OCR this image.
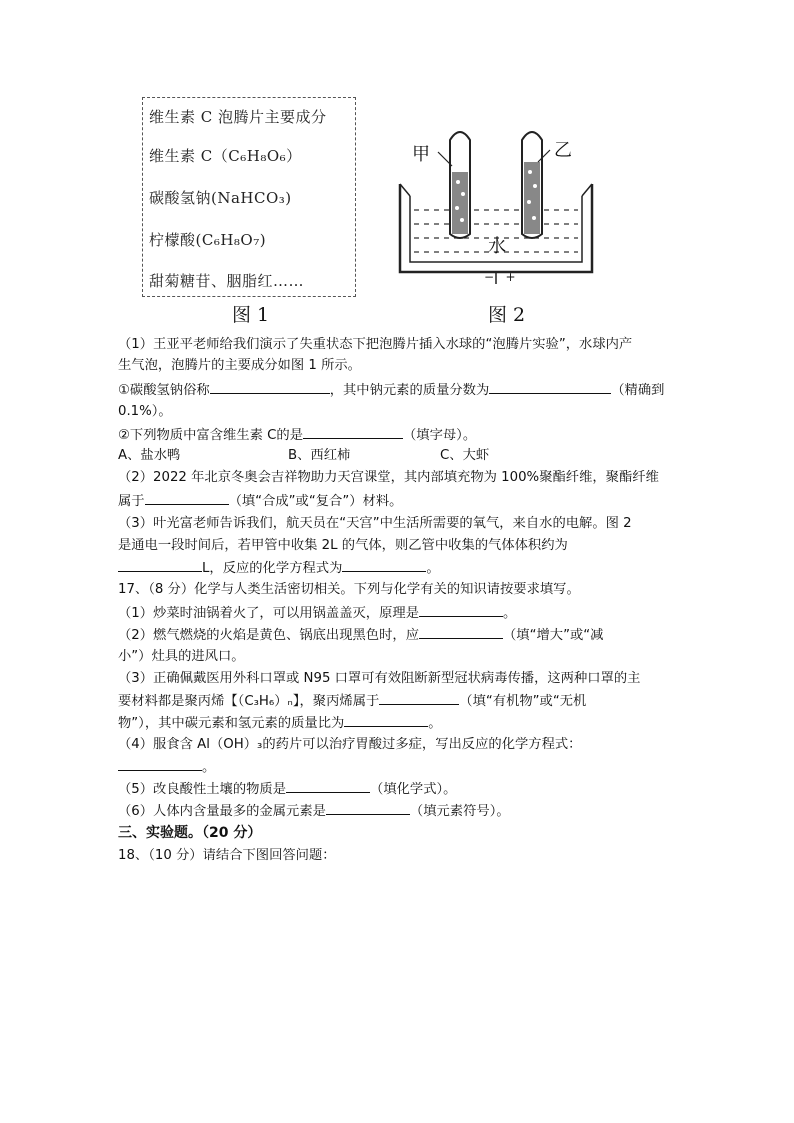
维生素 C 泡腾片主要成分
维生素 C（C₆H₈O₆）
碳酸氢钠(NaHCO₃)
柠檬酸(C₆H₈O₇)
甜菊糖苷、胭脂红……
图 1
甲	乙
水
−   +
图 2
（1）王亚平老师给我们演示了失重状态下把泡腾片插入水球的“泡腾片实验”，水球内产
生气泡，泡腾片的主要成分如图 1 所示。
①碳酸氢钠俗称	，其中钠元素的质量分数为	（精确到
0.1%）。
②下列物质中富含维生素 C的是	（填字母）。
A、盐水鸭	B、西红柿	C、大虾
（2）2022 年北京冬奥会吉祥物助力天宫课堂，其内部填充物为 100%聚酯纤维，聚酯纤维
属于	（填“合成”或“复合”）材料。
（3）叶光富老师告诉我们，航天员在“天宫”中生活所需要的氧气，来自水的电解。图 2
是通电一段时间后，若甲管中收集 2L 的气体，则乙管中收集的气体体积约为
L，反应的化学方程式为	。
17、（8 分）化学与人类生活密切相关。下列与化学有关的知识请按要求填写。
（1）炒菜时油锅着火了，可以用锅盖盖灭，原理是	。
（2）燃气燃烧的火焰是黄色、锅底出现黑色时，应	（填“增大”或“减
小”）灶具的进风口。
（3）正确佩戴医用外科口罩或 N95 口罩可有效阻断新型冠状病毒传播，这两种口罩的主
要材料都是聚丙烯【（C₃H₆）ₙ】，聚丙烯属于	（填“有机物”或“无机
物”），其中碳元素和氢元素的质量比为	。
（4）服食含 Al（OH）₃的药片可以治疗胃酸过多症，写出反应的化学方程式：
。
（5）改良酸性土壤的物质是	（填化学式）。
（6）人体内含量最多的金属元素是	（填元素符号）。
三、实验题。（20 分）
18、（10 分）请结合下图回答问题：
